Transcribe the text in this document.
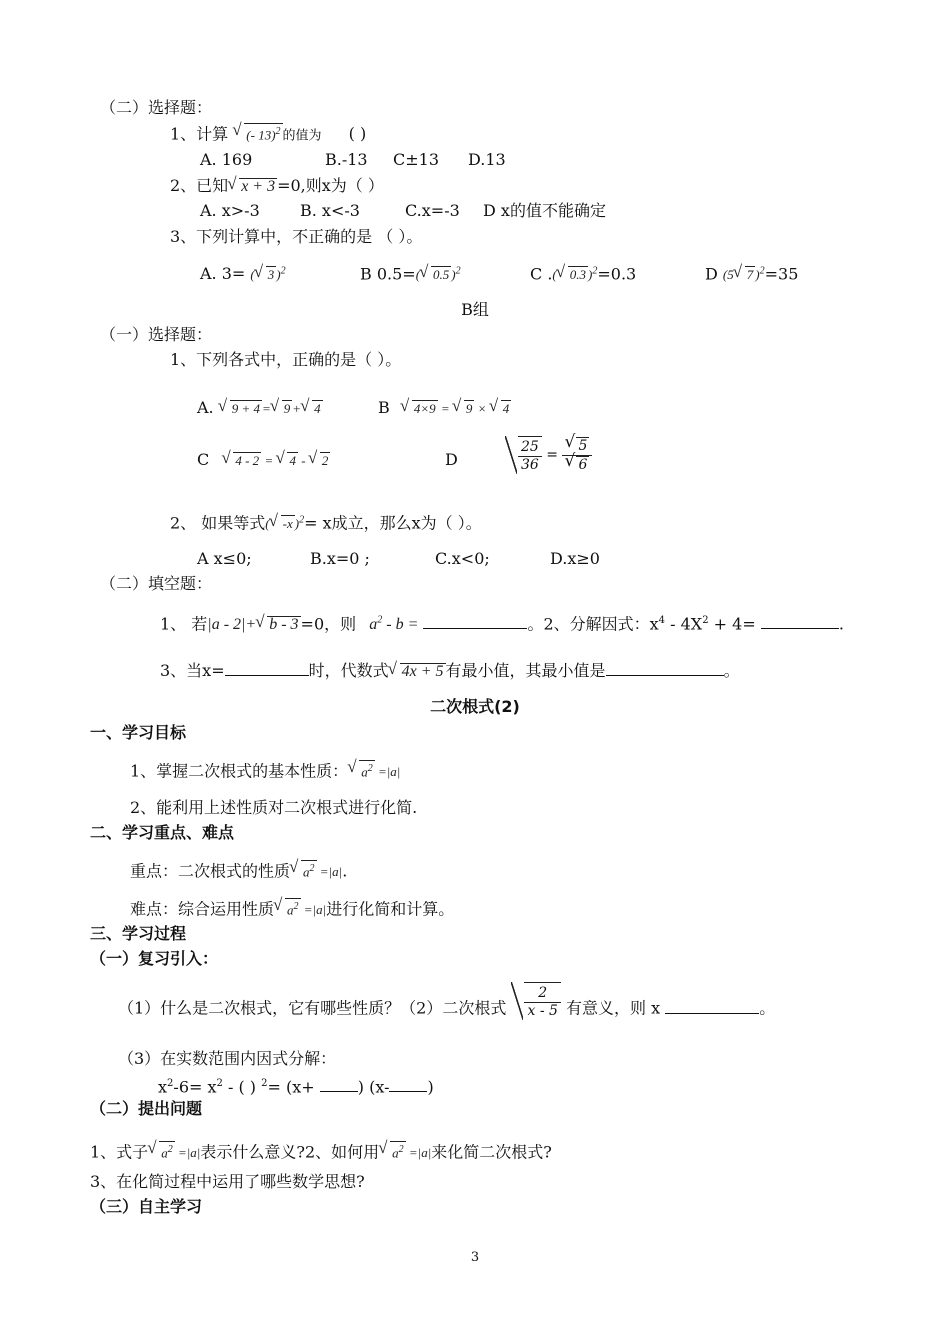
（二）选择题：
1、计算 √ (- 13)$^2$ 的值为 ( )
A. 169	B.-13 C±13 D.13
2、已知 √ x + 3 =0,则x为（ ）
A. x>-3	B. x<-3	C.x=-3 D x的值不能确定
3、下列计算中，不正确的是 （ ）。
A. 3= ( √ 3 )$^2$	B 0.5=( √ 0.5 )$^2$	C .( √ 0.3 )$^2$=0.3	D (5 √ 7 )$^2$=35
B组
（一）选择题：
1、下列各式中，正确的是（ ）。
A. √ 9 + 4 = √ 9 + √ 4	B √ 4×9 = √ 9 × √ 4
C √ 4 - 2 = √ 4 - √ 2	D	$\frac{25}{36}$ = √ 5
√ 6
2、 如果等式( √ -x )$^2$= x成立，那么x为（ ）。
A x≤0;	B.x=0 ;	C.x<0;	D.x≥0
（二）填空题：
1、 若|a - 2|+ √ b - 3 =0，则 $a^2$ - b =	。2、分解因式：$x^4 - 4X^2 + 4=$	.
3、当x=	时，代数式 √ 4x + 5 有最小值，其最小值是	。
二次根式(2)
一、学习目标
1、掌握二次根式的基本性质： √ $a^2 =|a|$
2、能利用上述性质对二次根式进行化简.
二、学习重点、难点
重点：二次根式的性质 √ $a^2 =|a|$.
难点：综合运用性质 √ $a^2 =|a|$进行化简和计算。
三、学习过程
（一）复习引入：
（1）什么是二次根式，它有哪些性质？（2）二次根式 $\frac{2}{x - 5}$ 有意义，则 x	。
（3）在实数范围内因式分解：
$x^2-6= x^2$ - ( ) $^2$= (x+ ) (x- )
（二）提出问题
1、式子 √ $a^2 =|a|$表示什么意义?2、如何用 √ $a^2 =|a|$来化简二次根式?
3、在化简过程中运用了哪些数学思想?
（三）自主学习
3
